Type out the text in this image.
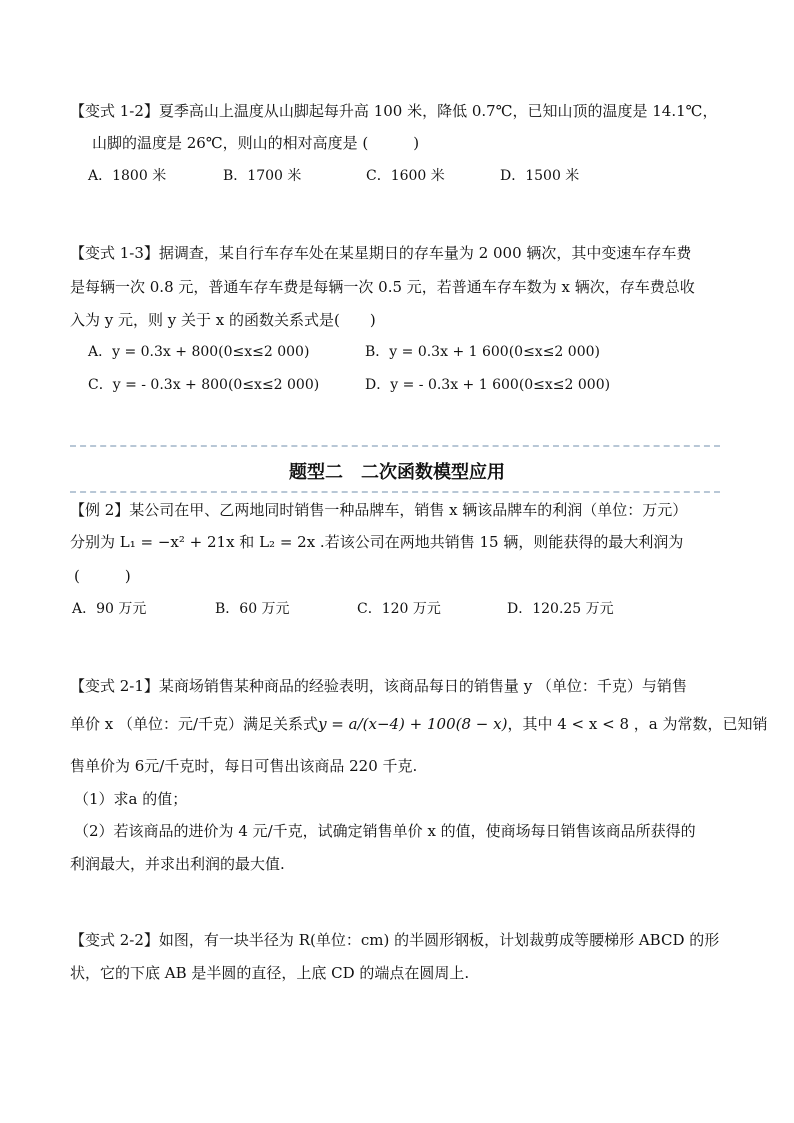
【变式 1-2】夏季高山上温度从山脚起每升高 100 米，降低 0.7℃，已知山顶的温度是 14.1℃，
山脚的温度是 26℃，则山的相对高度是 (　　　)
A．1800 米	B．1700 米	C．1600 米	D．1500 米
【变式 1-3】据调查，某自行车存车处在某星期日的存车量为 2 000 辆次，其中变速车存车费
是每辆一次 0.8 元，普通车存车费是每辆一次 0.5 元，若普通车存车数为 x 辆次，存车费总收
入为 y 元，则 y 关于 x 的函数关系式是(　　)
A．y = 0.3x + 800(0≤x≤2 000)	B．y = 0.3x + 1 600(0≤x≤2 000)
C．y = ‐ 0.3x + 800(0≤x≤2 000)	D．y = ‐ 0.3x + 1 600(0≤x≤2 000)
题型二　二次函数模型应用
【例 2】某公司在甲、乙两地同时销售一种品牌车，销售 x 辆该品牌车的利润（单位：万元）
分别为 L₁ = −x² + 21x 和 L₂ = 2x .若该公司在两地共销售 15 辆，则能获得的最大利润为
(　　　)
A．90 万元	B．60 万元	C．120 万元	D．120.25 万元
【变式 2-1】某商场销售某种商品的经验表明，该商品每日的销售量 y （单位：千克）与销售
单价 x （单位：元/千克）满足关系式y = a/(x−4) + 100(8 − x)，其中 4 < x < 8 ，a 为常数，已知销
售单价为 6元/千克时，每日可售出该商品 220 千克.
（1）求a 的值；
（2）若该商品的进价为 4 元/千克，试确定销售单价 x 的值，使商场每日销售该商品所获得的
利润最大，并求出利润的最大值.
【变式 2-2】如图，有一块半径为 R(单位：cm) 的半圆形钢板，计划裁剪成等腰梯形 ABCD 的形
状，它的下底 AB 是半圆的直径，上底 CD 的端点在圆周上.
